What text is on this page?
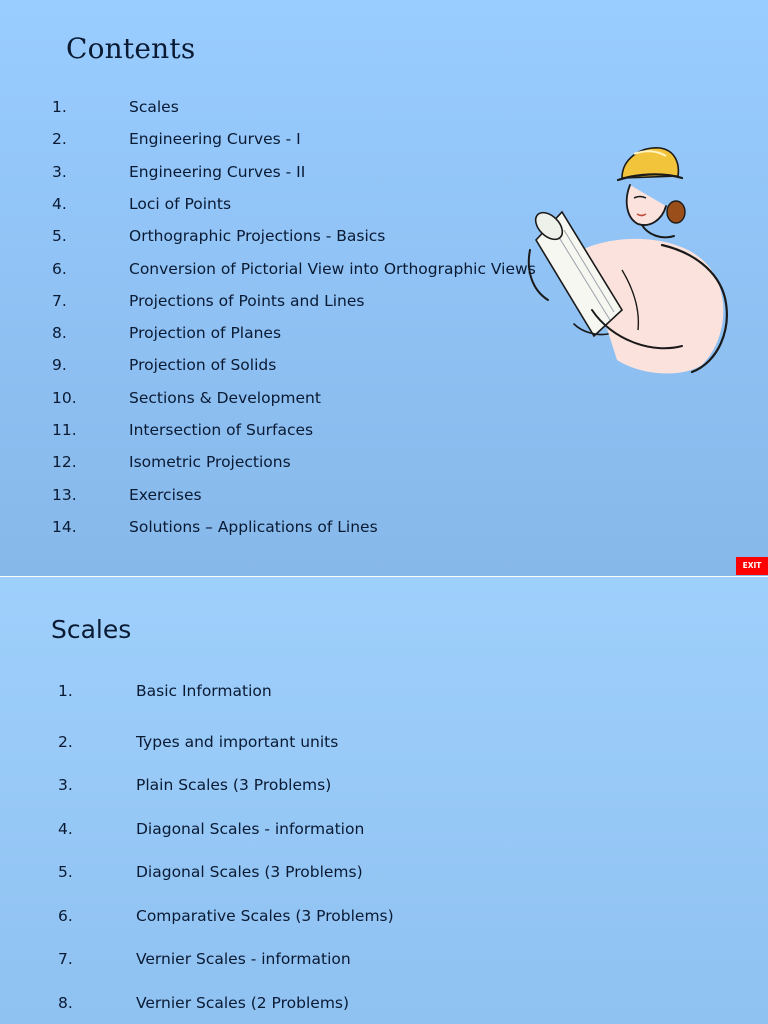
Contents
1.	Scales
2.	Engineering Curves - I
3.	Engineering Curves - II
4.	Loci of Points
5.	Orthographic Projections - Basics
6.	Conversion of Pictorial View into Orthographic Views
7.	Projections of Points and Lines
8.	Projection of Planes
9.	Projection of Solids
10.	Sections & Development
11.	Intersection of Surfaces
12.	Isometric Projections
13.	Exercises
14.	Solutions – Applications of Lines
EXIT
Scales
1.	Basic Information
2.	Types and important units
3.	Plain Scales (3 Problems)
4.	Diagonal Scales - information
5.	Diagonal Scales (3 Problems)
6.	Comparative Scales (3 Problems)
7.	Vernier Scales - information
8.	Vernier Scales (2 Problems)
